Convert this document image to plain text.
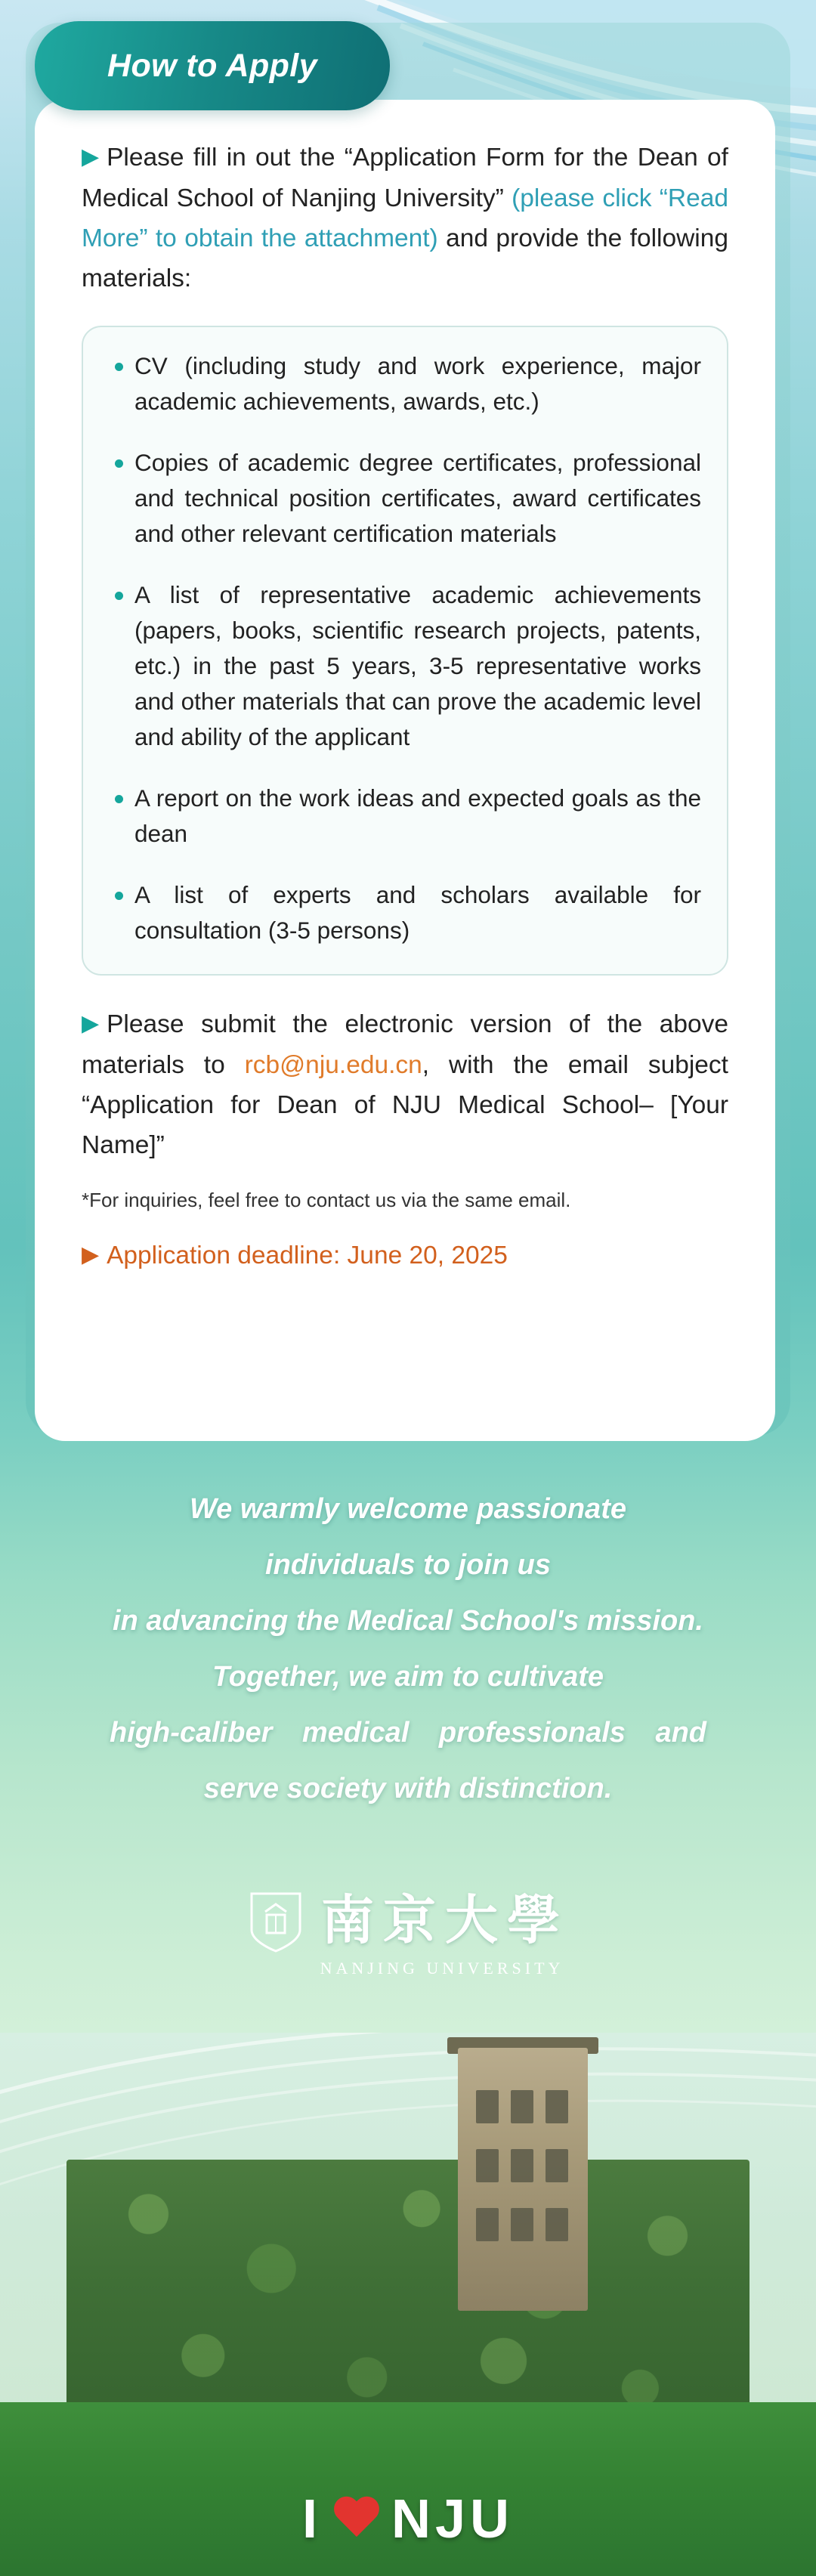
How to Apply

▶ Please fill in out the “Application Form for the Dean of Medical School of Nanjing University” (please click “Read More” to obtain the attachment) and provide the following materials:

CV (including study and work experience, major academic achievements, awards, etc.)
Copies of academic degree certificates, professional and technical position certificates, award certificates and other relevant certification materials
A list of representative academic achievements (papers, books, scientific research projects, patents, etc.) in the past 5 years, 3-5 representative works and other materials that can prove the academic level and ability of the applicant
A report on the work ideas and expected goals as the dean
A list of experts and scholars available for consultation (3-5 persons)

▶ Please submit the electronic version of the above materials to rcb@nju.edu.cn, with the email subject “Application for Dean of NJU Medical School– [Your Name]”

*For inquiries, feel free to contact us via the same email.

▶ Application deadline: June 20, 2025

We warmly welcome passionate
individuals to join us
in advancing the Medical School's mission.
Together, we aim to cultivate
high-caliber medical professionals and
serve society with distinction.
南京大學
NANJING UNIVERSITY
I NJU
